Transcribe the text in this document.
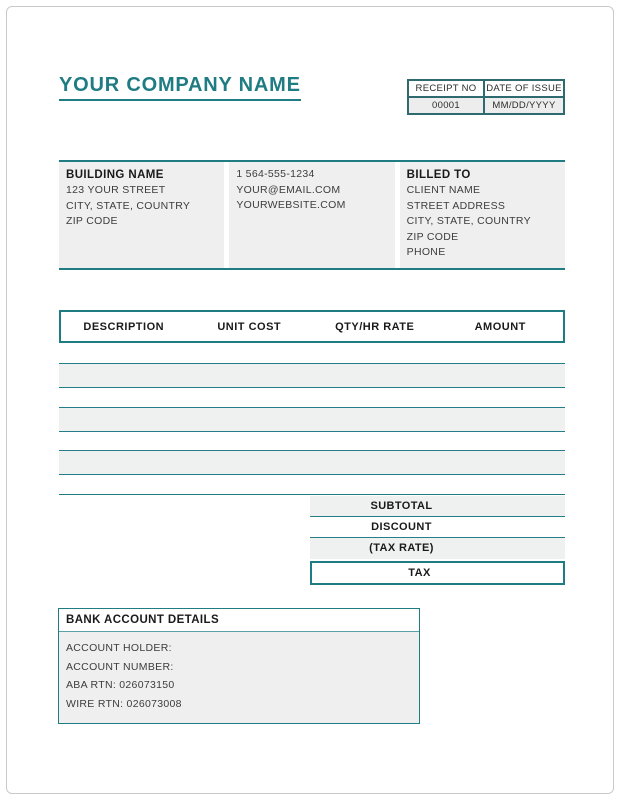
YOUR COMPANY NAME	RECEIPT NO	DATE OF ISSUE
00001	MM/DD/YYYY
BUILDING NAME
123 YOUR STREET
CITY, STATE, COUNTRY
ZIP CODE
1 564-555-1234
YOUR@EMAIL.COM
YOURWEBSITE.COM
BILLED TO
CLIENT NAME
STREET ADDRESS
CITY, STATE, COUNTRY
ZIP CODE
PHONE
DESCRIPTION	UNIT COST	QTY/HR RATE	AMOUNT
SUBTOTAL
DISCOUNT
(TAX RATE)
TAX
BANK ACCOUNT DETAILS
ACCOUNT HOLDER:
ACCOUNT NUMBER:
ABA RTN: 026073150
WIRE RTN: 026073008
